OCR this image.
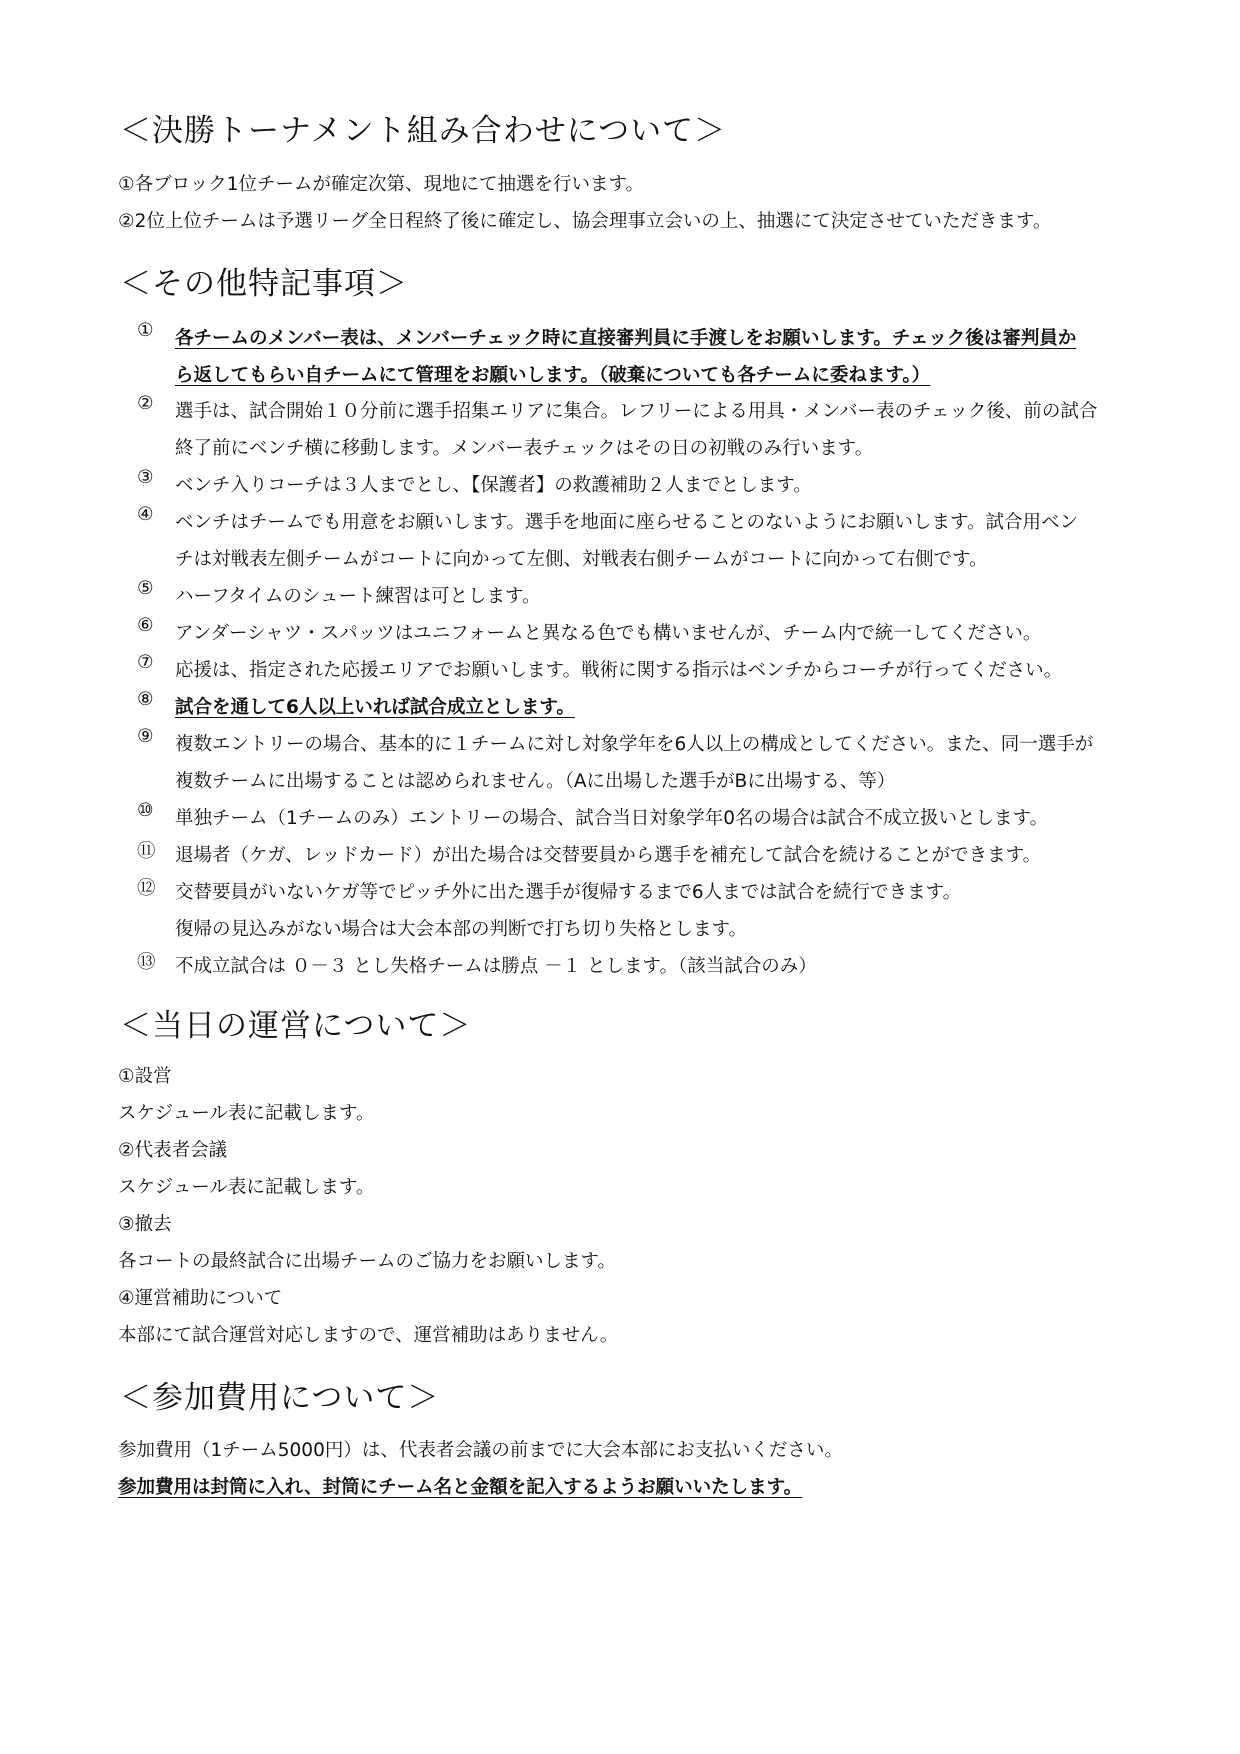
＜決勝トーナメント組み合わせについて＞

①各ブロック1位チームが確定次第、現地にて抽選を行います。

②2位上位チームは予選リーグ全日程終了後に確定し、協会理事立会いの上、抽選にて決定させていただきます。

＜その他特記事項＞
①	各チームのメンバー表は、メンバーチェック時に直接審判員に手渡しをお願いします。チェック後は審判員か
ら返してもらい自チームにて管理をお願いします。（破棄についても各チームに委ねます。）
②	選手は、試合開始１０分前に選手招集エリアに集合。レフリーによる用具・メンバー表のチェック後、前の試合
終了前にベンチ横に移動します。メンバー表チェックはその日の初戦のみ行います。
③	ベンチ入りコーチは３人までとし、【保護者】の救護補助２人までとします。
④	ベンチはチームでも用意をお願いします。選手を地面に座らせることのないようにお願いします。試合用ベン
チは対戦表左側チームがコートに向かって左側、対戦表右側チームがコートに向かって右側です。
⑤	ハーフタイムのシュート練習は可とします。
⑥	アンダーシャツ・スパッツはユニフォームと異なる色でも構いませんが、チーム内で統一してください。
⑦	応援は、指定された応援エリアでお願いします。戦術に関する指示はベンチからコーチが行ってください。
⑧	試合を通して6人以上いれば試合成立とします。
⑨	複数エントリーの場合、基本的に１チームに対し対象学年を6人以上の構成としてください。また、同一選手が
複数チームに出場することは認められません。（Aに出場した選手がBに出場する、等）
⑩	単独チーム（1チームのみ）エントリーの場合、試合当日対象学年0名の場合は試合不成立扱いとします。
⑪	退場者（ケガ、レッドカード）が出た場合は交替要員から選手を補充して試合を続けることができます。
⑫	交替要員がいないケガ等でピッチ外に出た選手が復帰するまで6人までは試合を続行できます。
復帰の見込みがない場合は大会本部の判断で打ち切り失格とします。
⑬	不成立試合は ０－３ とし失格チームは勝点 －１ とします。（該当試合のみ）
＜当日の運営について＞

①設営

スケジュール表に記載します。

②代表者会議

スケジュール表に記載します。

③撤去

各コートの最終試合に出場チームのご協力をお願いします。

④運営補助について

本部にて試合運営対応しますので、運営補助はありません。

＜参加費用について＞

参加費用（1チーム5000円）は、代表者会議の前までに大会本部にお支払いください。

参加費用は封筒に入れ、封筒にチーム名と金額を記入するようお願いいたします。
